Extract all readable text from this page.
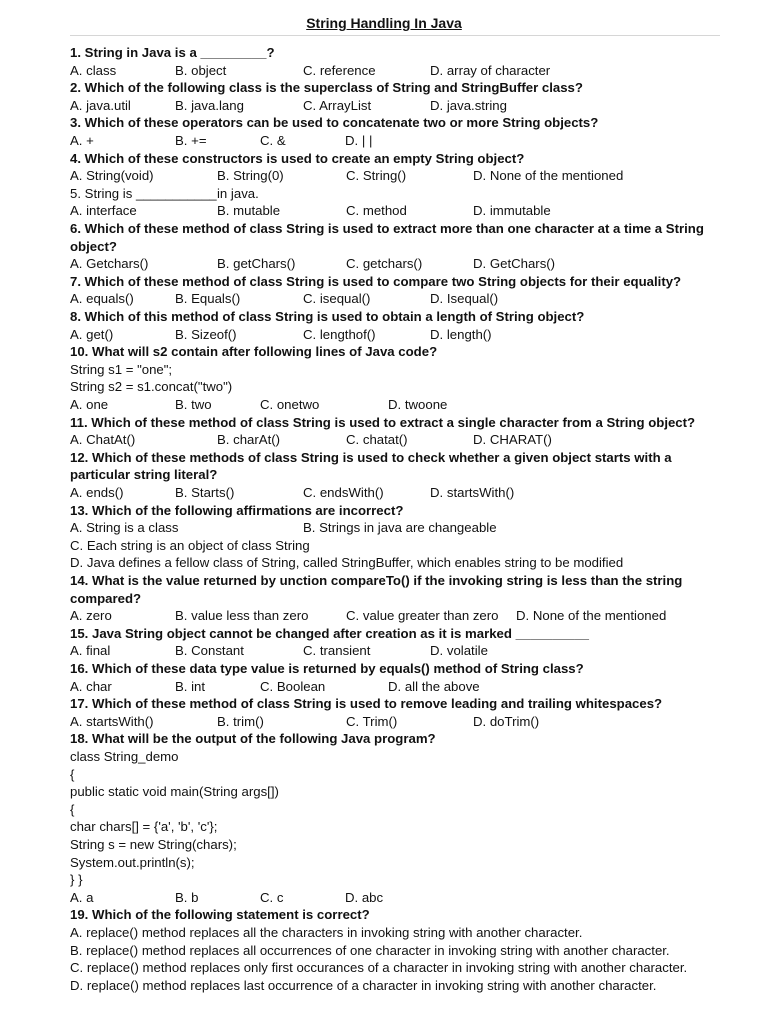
String Handling In Java
1. String in Java is a _________?
A. class	B. object	C. reference	D. array of character
2. Which of the following class is the superclass of String and StringBuffer class?
A. java.util	B. java.lang	C. ArrayList	D. java.string
3. Which of these operators can be used to concatenate two or more String objects?
A. +	B. +=	C. &	D. | |
4. Which of these constructors is used to create an empty String object?
A. String(void)	B. String(0)	C. String()	D. None of the mentioned
5. String is ___________ in java.
A. interface	B. mutable	C. method	D. immutable
6. Which of these method of class String is used to extract more than one character at a time a String
object?
A. Getchars()	B. getChars()	C. getchars()	D. GetChars()
7. Which of these method of class String is used to compare two String objects for their equality?
A. equals()	B. Equals()	C. isequal()	D. Isequal()
8. Which of this method of class String is used to obtain a length of String object?
A. get()	B. Sizeof()	C. lengthof()	D. length()
10. What will s2 contain after following lines of Java code?
String s1 = "one";
String s2 = s1.concat("two")
A. one	B. two	C. onetwo	D. twoone
11. Which of these method of class String is used to extract a single character from a String object?
A. ChatAt()	B. charAt()	C. chatat()	D. CHARAT()
12. Which of these methods of class String is used to check whether a given object starts with a
particular string literal?
A. ends()	B. Starts()	C. endsWith()	D. startsWith()
13. Which of the following affirmations are incorrect?
A. String is a class	B. Strings in java are changeable
C. Each string is an object of class String
D. Java defines a fellow class of String, called StringBuffer, which enables string to be modified
14. What is the value returned by unction compareTo() if the invoking string is less than the string
compared?
A. zero	B. value less than zero	C. value greater than zero D. None of the mentioned
15. Java String object cannot be changed after creation as it is marked __________
A. final	B. Constant	C. transient	D. volatile
16. Which of these data type value is returned by equals() method of String class?
A. char	B. int	C. Boolean	D. all the above
17. Which of these method of class String is used to remove leading and trailing whitespaces?
A. startsWith()	B. trim()	C. Trim()	D. doTrim()
18. What will be the output of the following Java program?
class String_demo
{
public static void main(String args[])
{
char chars[] = {'a', 'b', 'c'};
String s = new String(chars);
System.out.println(s);
} }
A. a	B. b	C. c	D. abc
19. Which of the following statement is correct?
A. replace() method replaces all the characters in invoking string with another character.
B. replace() method replaces all occurrences of one character in invoking string with another character.
C. replace() method replaces only first occurances of a character in invoking string with another character.
D. replace() method replaces last occurrence of a character in invoking string with another character.
